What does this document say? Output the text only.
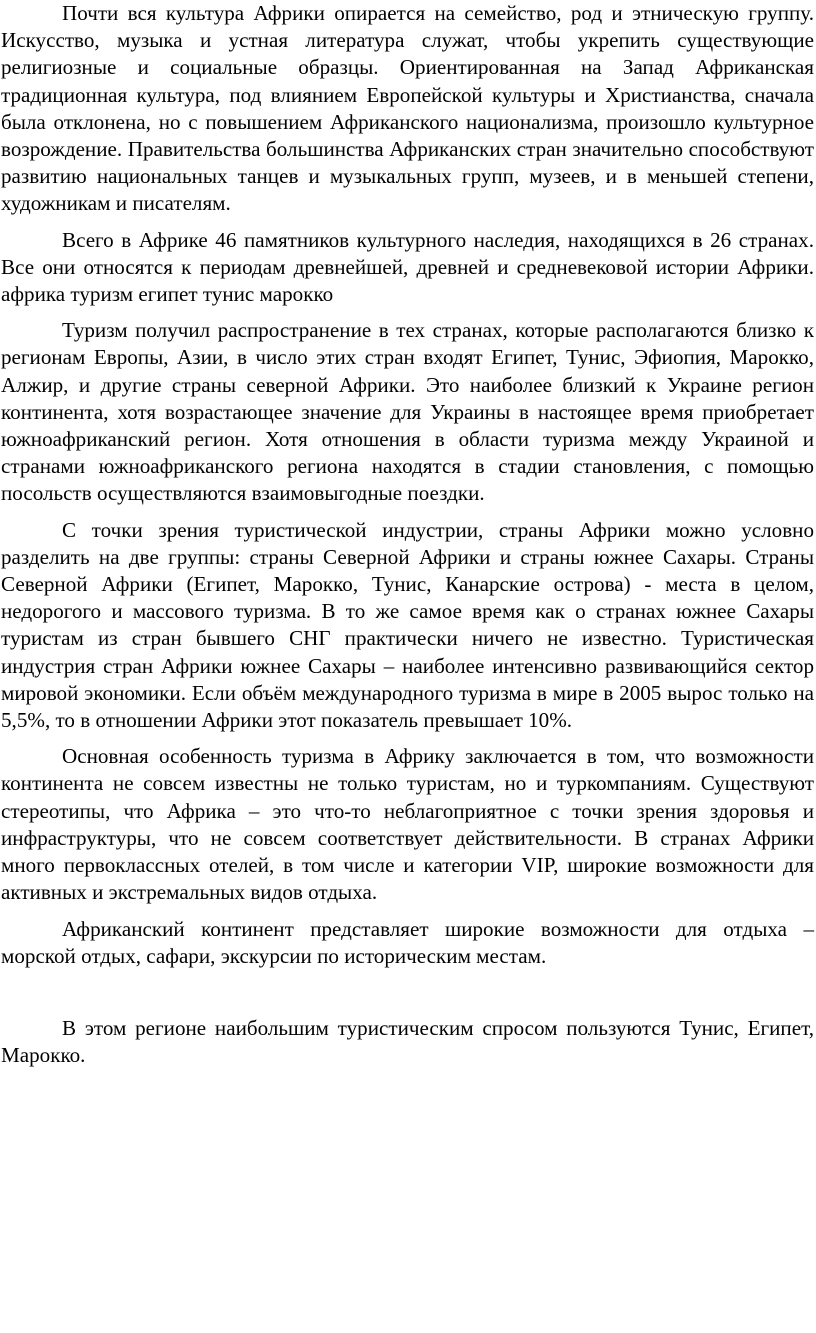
Почти вся культура Африки опирается на семейство, род и этническую группу. Искусство, музыка и устная литература служат, чтобы укрепить существующие религиозные и социальные образцы. Ориентированная на Запад Африканская традиционная культура, под влиянием Европейской культуры и Христианства, сначала была отклонена, но с повышением Африканского национализма, произошло культурное возрождение. Правительства большинства Африканских стран значительно способствуют развитию национальных танцев и музыкальных групп, музеев, и в меньшей степени, художникам и писателям.

Всего в Африке 46 памятников культурного наследия, находящихся в 26 странах. Все они относятся к периодам древнейшей, древней и средневековой истории Африки. африка туризм египет тунис марокко

Туризм получил распространение в тех странах, которые располагаются близко к регионам Европы, Азии, в число этих стран входят Египет, Тунис, Эфиопия, Марокко, Алжир, и другие страны северной Африки. Это наиболее близкий к Украине регион континента, хотя возрастающее значение для Украины в настоящее время приобретает южноафриканский регион. Хотя отношения в области туризма между Украиной и странами южноафриканского региона находятся в стадии становления, с помощью посольств осуществляются взаимовыгодные поездки.

С точки зрения туристической индустрии, страны Африки можно условно разделить на две группы: страны Северной Африки и страны южнее Сахары. Страны Северной Африки (Египет, Марокко, Тунис, Канарские острова) - места в целом, недорогого и массового туризма. В то же самое время как о странах южнее Сахары туристам из стран бывшего СНГ практически ничего не известно. Туристическая индустрия стран Африки южнее Сахары – наиболее интенсивно развивающийся сектор мировой экономики. Если объём международного туризма в мире в 2005 вырос только на 5,5%, то в отношении Африки этот показатель превышает 10%.

Основная особенность туризма в Африку заключается в том, что возможности континента не совсем известны не только туристам, но и туркомпаниям. Существуют стереотипы, что Африка – это что-то неблагоприятное с точки зрения здоровья и инфраструктуры, что не совсем соответствует действительности. В странах Африки много первоклассных отелей, в том числе и категории VIP, широкие возможности для активных и экстремальных видов отдыха.

Африканский континент представляет широкие возможности для отдыха – морской отдых, сафари, экскурсии по историческим местам.

В этом регионе наибольшим туристическим спросом пользуются Тунис, Египет, Марокко.
